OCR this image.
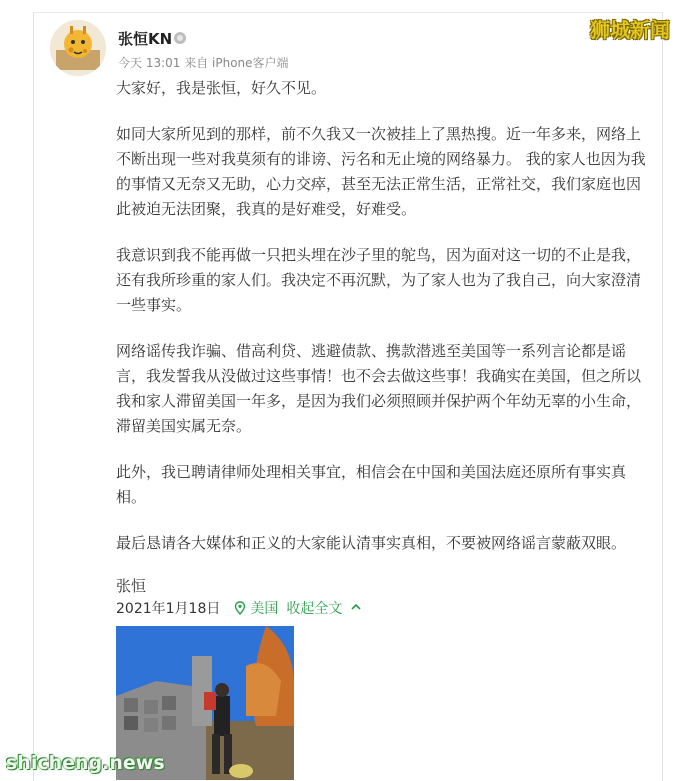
张恒KN
今天 13:01 来自 iPhone客户端

大家好，我是张恒，好久不见。

如同大家所见到的那样，前不久我又一次被挂上了黑热搜。近一年多来，网络上不断出现一些对我莫须有的诽谤、污名和无止境的网络暴力。 我的家人也因为我的事情又无奈又无助，心力交瘁，甚至无法正常生活，正常社交，我们家庭也因此被迫无法团聚，我真的是好难受，好难受。

我意识到我不能再做一只把头埋在沙子里的鸵鸟，因为面对这一切的不止是我，还有我所珍重的家人们。我决定不再沉默，为了家人也为了我自己，向大家澄清一些事实。

网络谣传我诈骗、借高利贷、逃避债款、携款潜逃至美国等一系列言论都是谣言，我发誓我从没做过这些事情！也不会去做这些事！我确实在美国，但之所以我和家人滞留美国一年多，是因为我们必须照顾并保护两个年幼无辜的小生命，滞留美国实属无奈。

此外，我已聘请律师处理相关事宜，相信会在中国和美国法庭还原所有事实真相。

最后恳请各大媒体和正义的大家能认清事实真相，不要被网络谣言蒙蔽双眼。

张恒
2021年1月18日 美国 收起全文
狮城新闻
shicheng.news
